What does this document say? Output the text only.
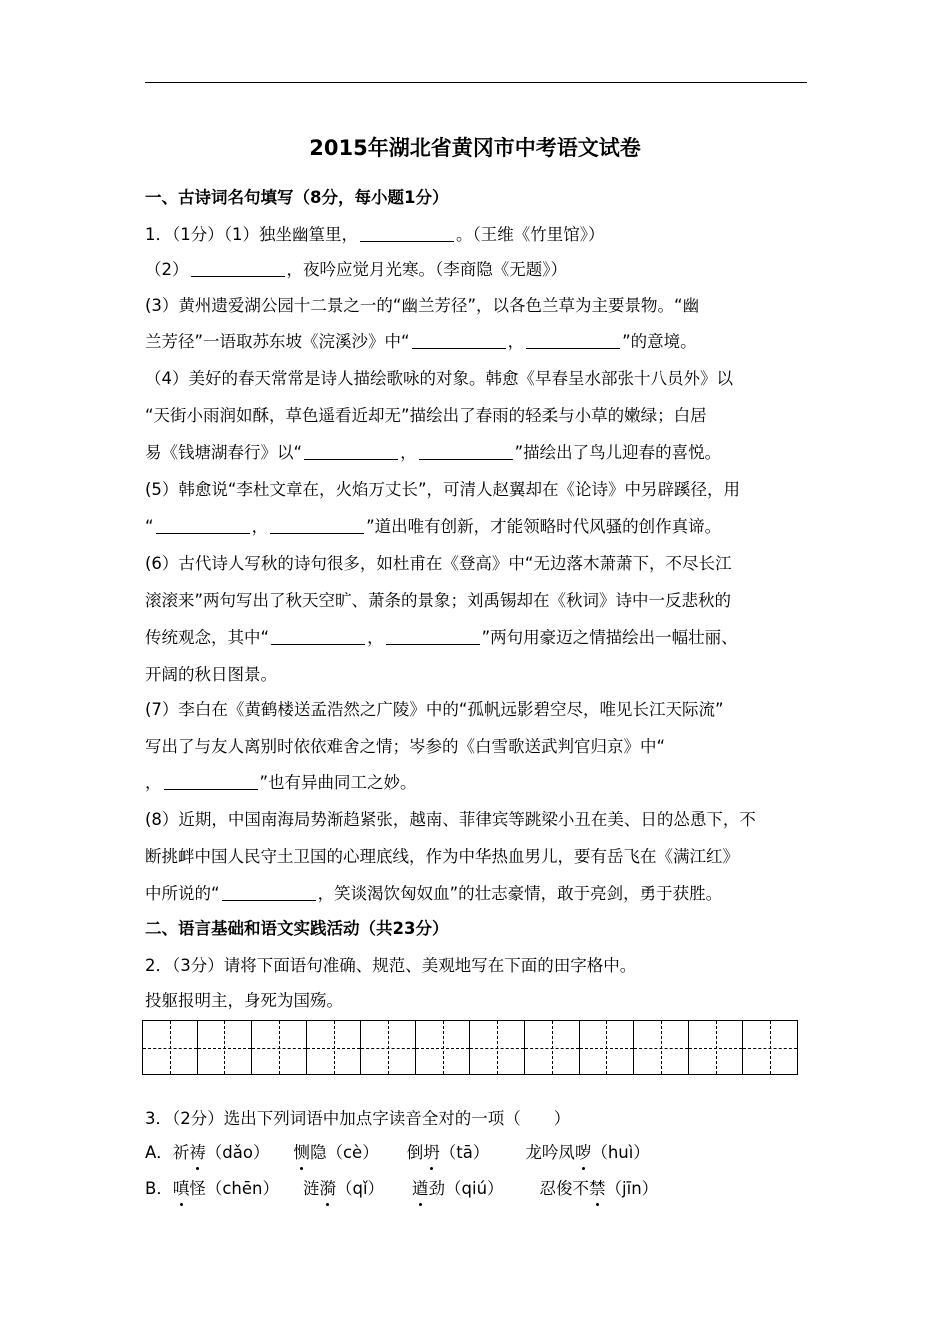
2015年湖北省黄冈市中考语文试卷
一、古诗词名句填写（8分，每小题1分）
1．（1分）（1）独坐幽篁里，	。（王维《竹里馆》）
（2）	，夜吟应觉月光寒。（李商隐《无题》）
(3）黄州遗爱湖公园十二景之一的“幽兰芳径”，以各色兰草为主要景物。“幽
兰芳径”一语取苏东坡《浣溪沙》中“	，	”的意境。
（4）美好的春天常常是诗人描绘歌咏的对象。韩愈《早春呈水部张十八员外》以
“天街小雨润如酥，草色遥看近却无”描绘出了春雨的轻柔与小草的嫩绿；白居
易《钱塘湖春行》以“	，	”描绘出了鸟儿迎春的喜悦。
(5）韩愈说“李杜文章在，火焰万丈长”，可清人赵翼却在《论诗》中另辟蹊径，用
“	，	”道出唯有创新，才能领略时代风骚的创作真谛。
(6）古代诗人写秋的诗句很多，如杜甫在《登高》中“无边落木萧萧下，不尽长江
滚滚来”两句写出了秋天空旷、萧条的景象；刘禹锡却在《秋词》诗中一反悲秋的
传统观念，其中“	，	”两句用豪迈之情描绘出一幅壮丽、
开阔的秋日图景。
(7）李白在《黄鹤楼送孟浩然之广陵》中的“孤帆远影碧空尽，唯见长江天际流”
写出了与友人离别时依依难舍之情；岑参的《白雪歌送武判官归京》中“
，	”也有异曲同工之妙。
(8）近期，中国南海局势渐趋紧张，越南、菲律宾等跳梁小丑在美、日的怂恿下，不
断挑衅中国人民守土卫国的心理底线，作为中华热血男儿，要有岳飞在《满江红》
中所说的“	，笑谈渴饮匈奴血”的壮志豪情，敢于亮剑，勇于获胜。
二、语言基础和语文实践活动（共23分）
2．（3分）请将下面语句准确、规范、美观地写在下面的田字格中。
投躯报明主，身死为国殇。
3．（2分）选出下列词语中加点字读音全对的一项（　　）
A．祈祷（dǎo） 恻隐（cè） 倒坍（tā） 龙吟凤哕（huì）
B．嗔怪（chēn） 涟漪（qǐ） 遒劲（qiú） 忍俊不禁（jīn）
